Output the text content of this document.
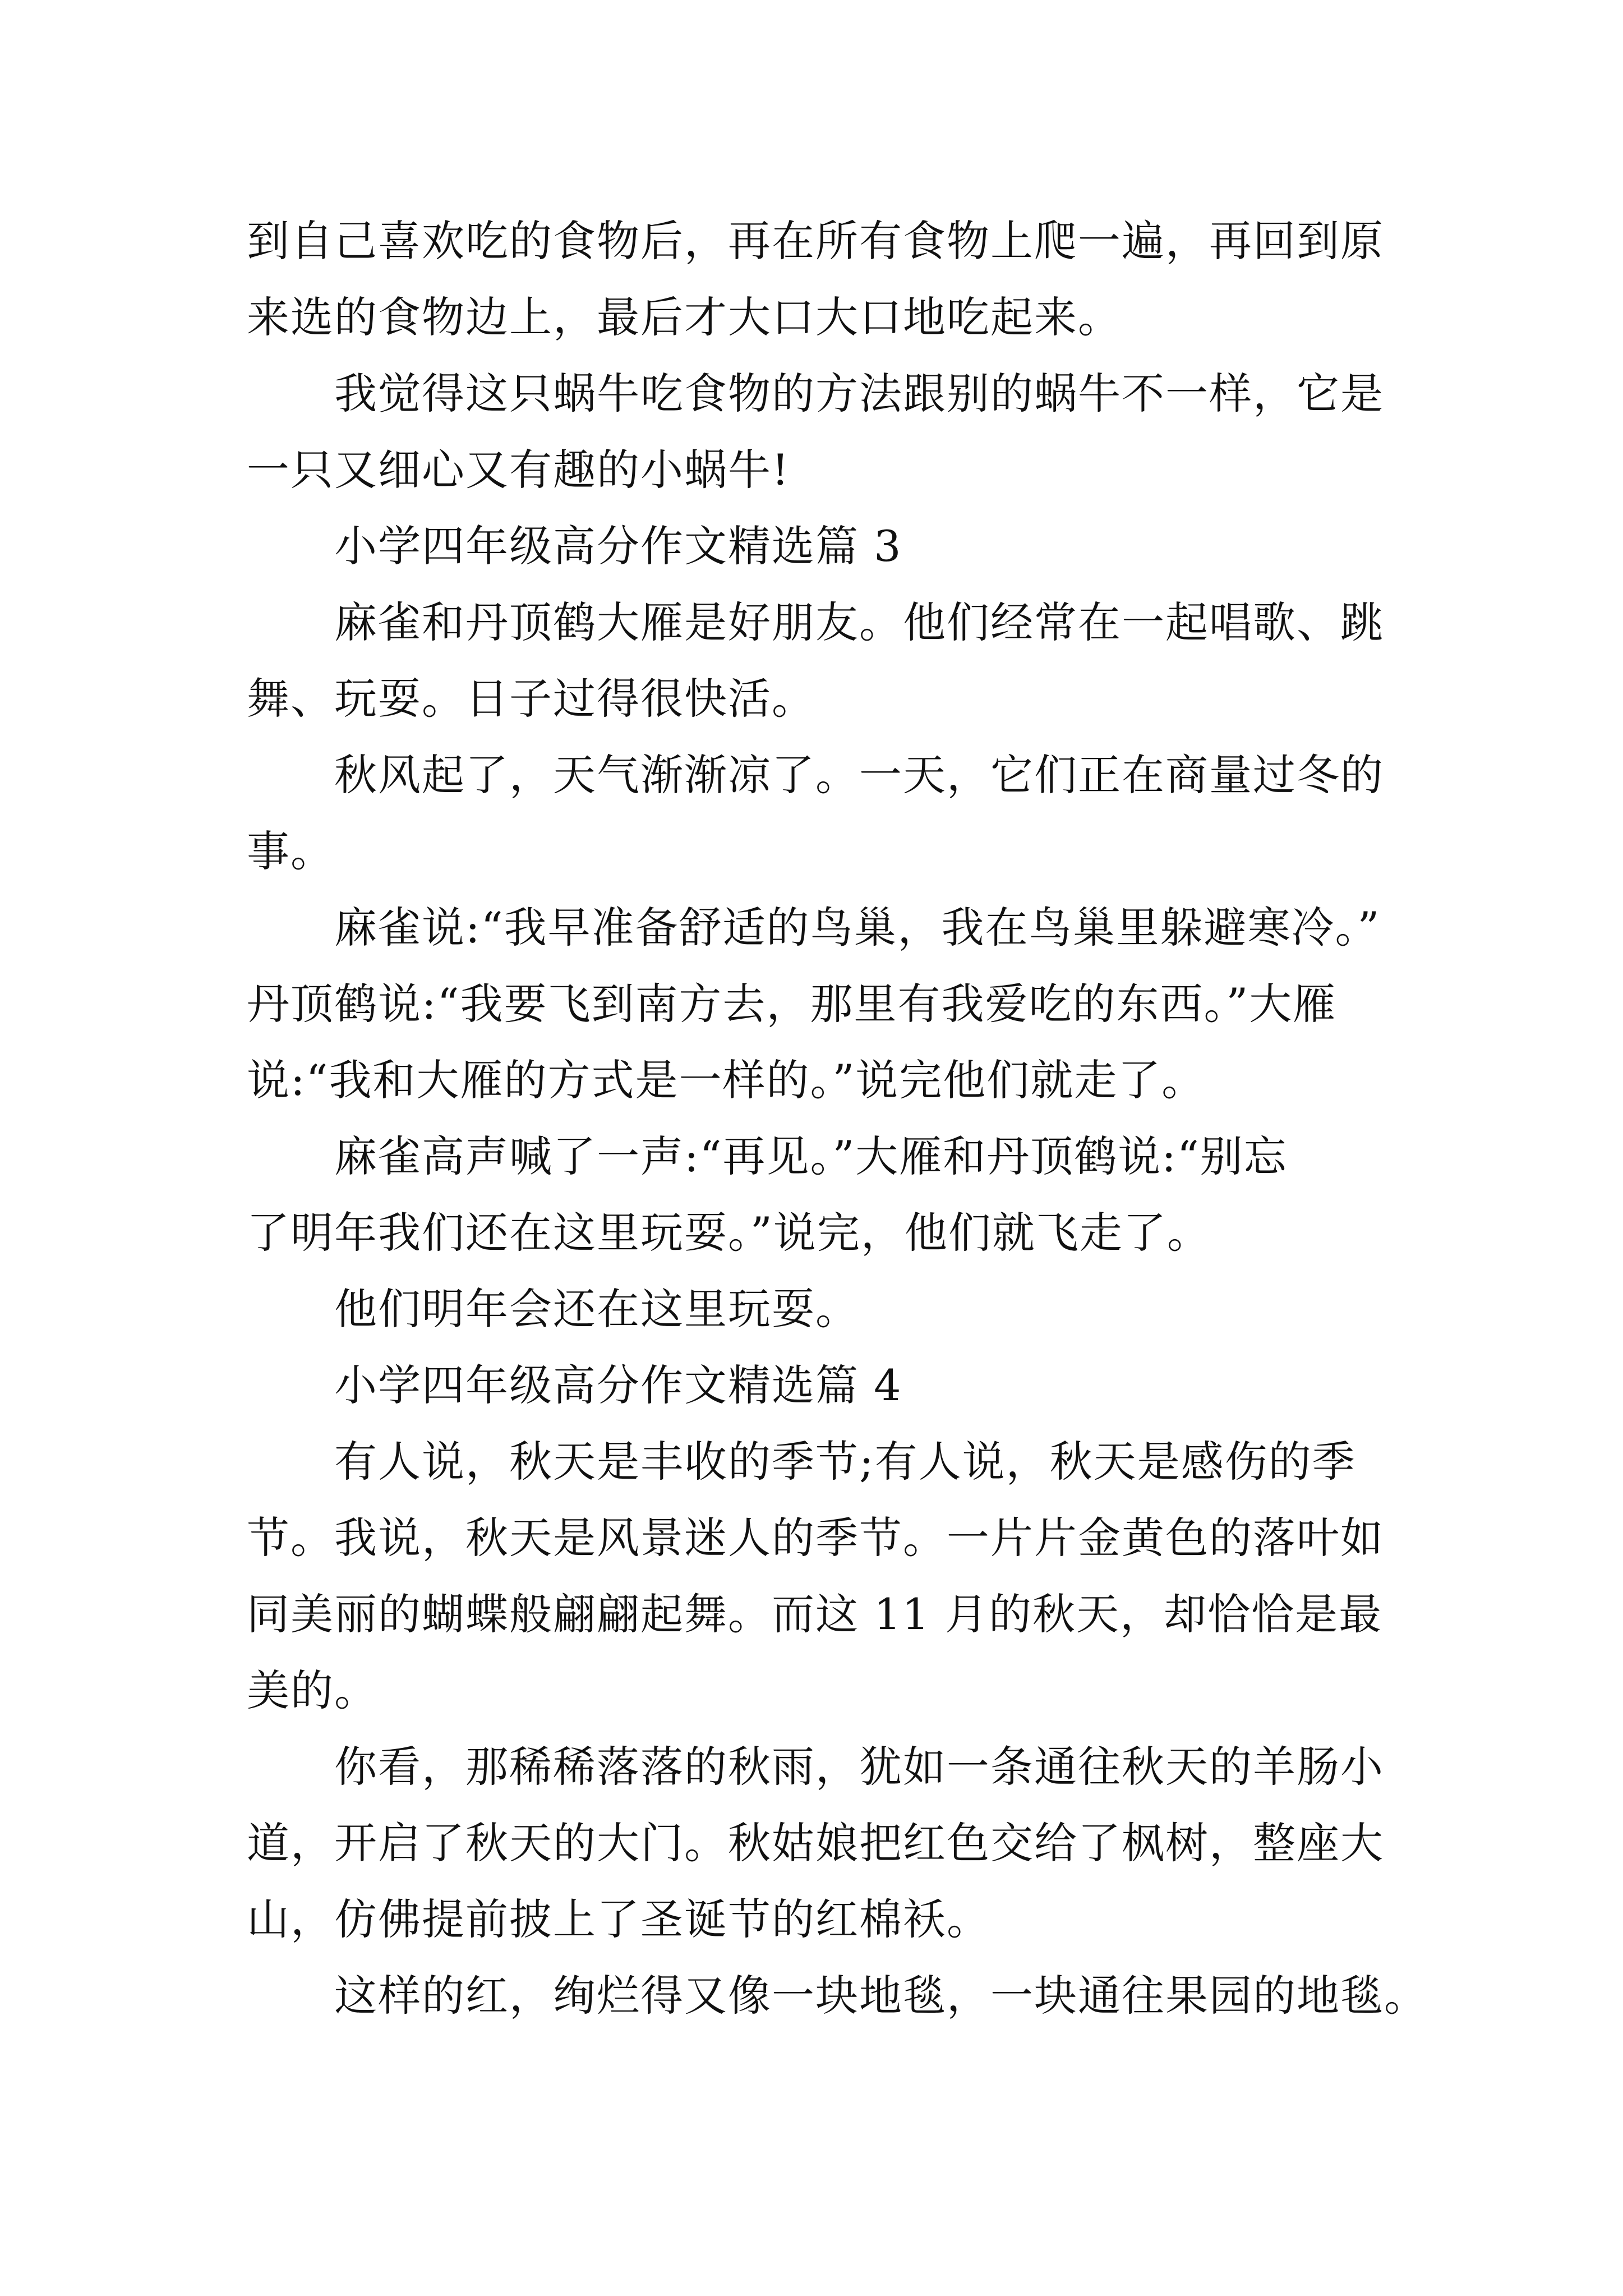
到自己喜欢吃的食物后，再在所有食物上爬一遍，再回到原
来选的食物边上，最后才大口大口地吃起来。
我觉得这只蜗牛吃食物的方法跟别的蜗牛不一样，它是
一只又细心又有趣的小蜗牛!
小学四年级高分作文精选篇 3
麻雀和丹顶鹤大雁是好朋友。他们经常在一起唱歌、跳
舞、玩耍。日子过得很快活。
秋风起了，天气渐渐凉了。一天，它们正在商量过冬的
事。
麻雀说:“我早准备舒适的鸟巢，我在鸟巢里躲避寒冷。”
丹顶鹤说:“我要飞到南方去，那里有我爱吃的东西。”大雁
说:“我和大雁的方式是一样的。”说完他们就走了。
麻雀高声喊了一声:“再见。”大雁和丹顶鹤说:“别忘
了明年我们还在这里玩耍。”说完，他们就飞走了。
他们明年会还在这里玩耍。
小学四年级高分作文精选篇 4
有人说，秋天是丰收的季节;有人说，秋天是感伤的季
节。我说，秋天是风景迷人的季节。一片片金黄色的落叶如
同美丽的蝴蝶般翩翩起舞。而这 11 月的秋天，却恰恰是最
美的。
你看，那稀稀落落的秋雨，犹如一条通往秋天的羊肠小
道，开启了秋天的大门。秋姑娘把红色交给了枫树，整座大
山，仿佛提前披上了圣诞节的红棉袄。
这样的红，绚烂得又像一块地毯，一块通往果园的地毯。
